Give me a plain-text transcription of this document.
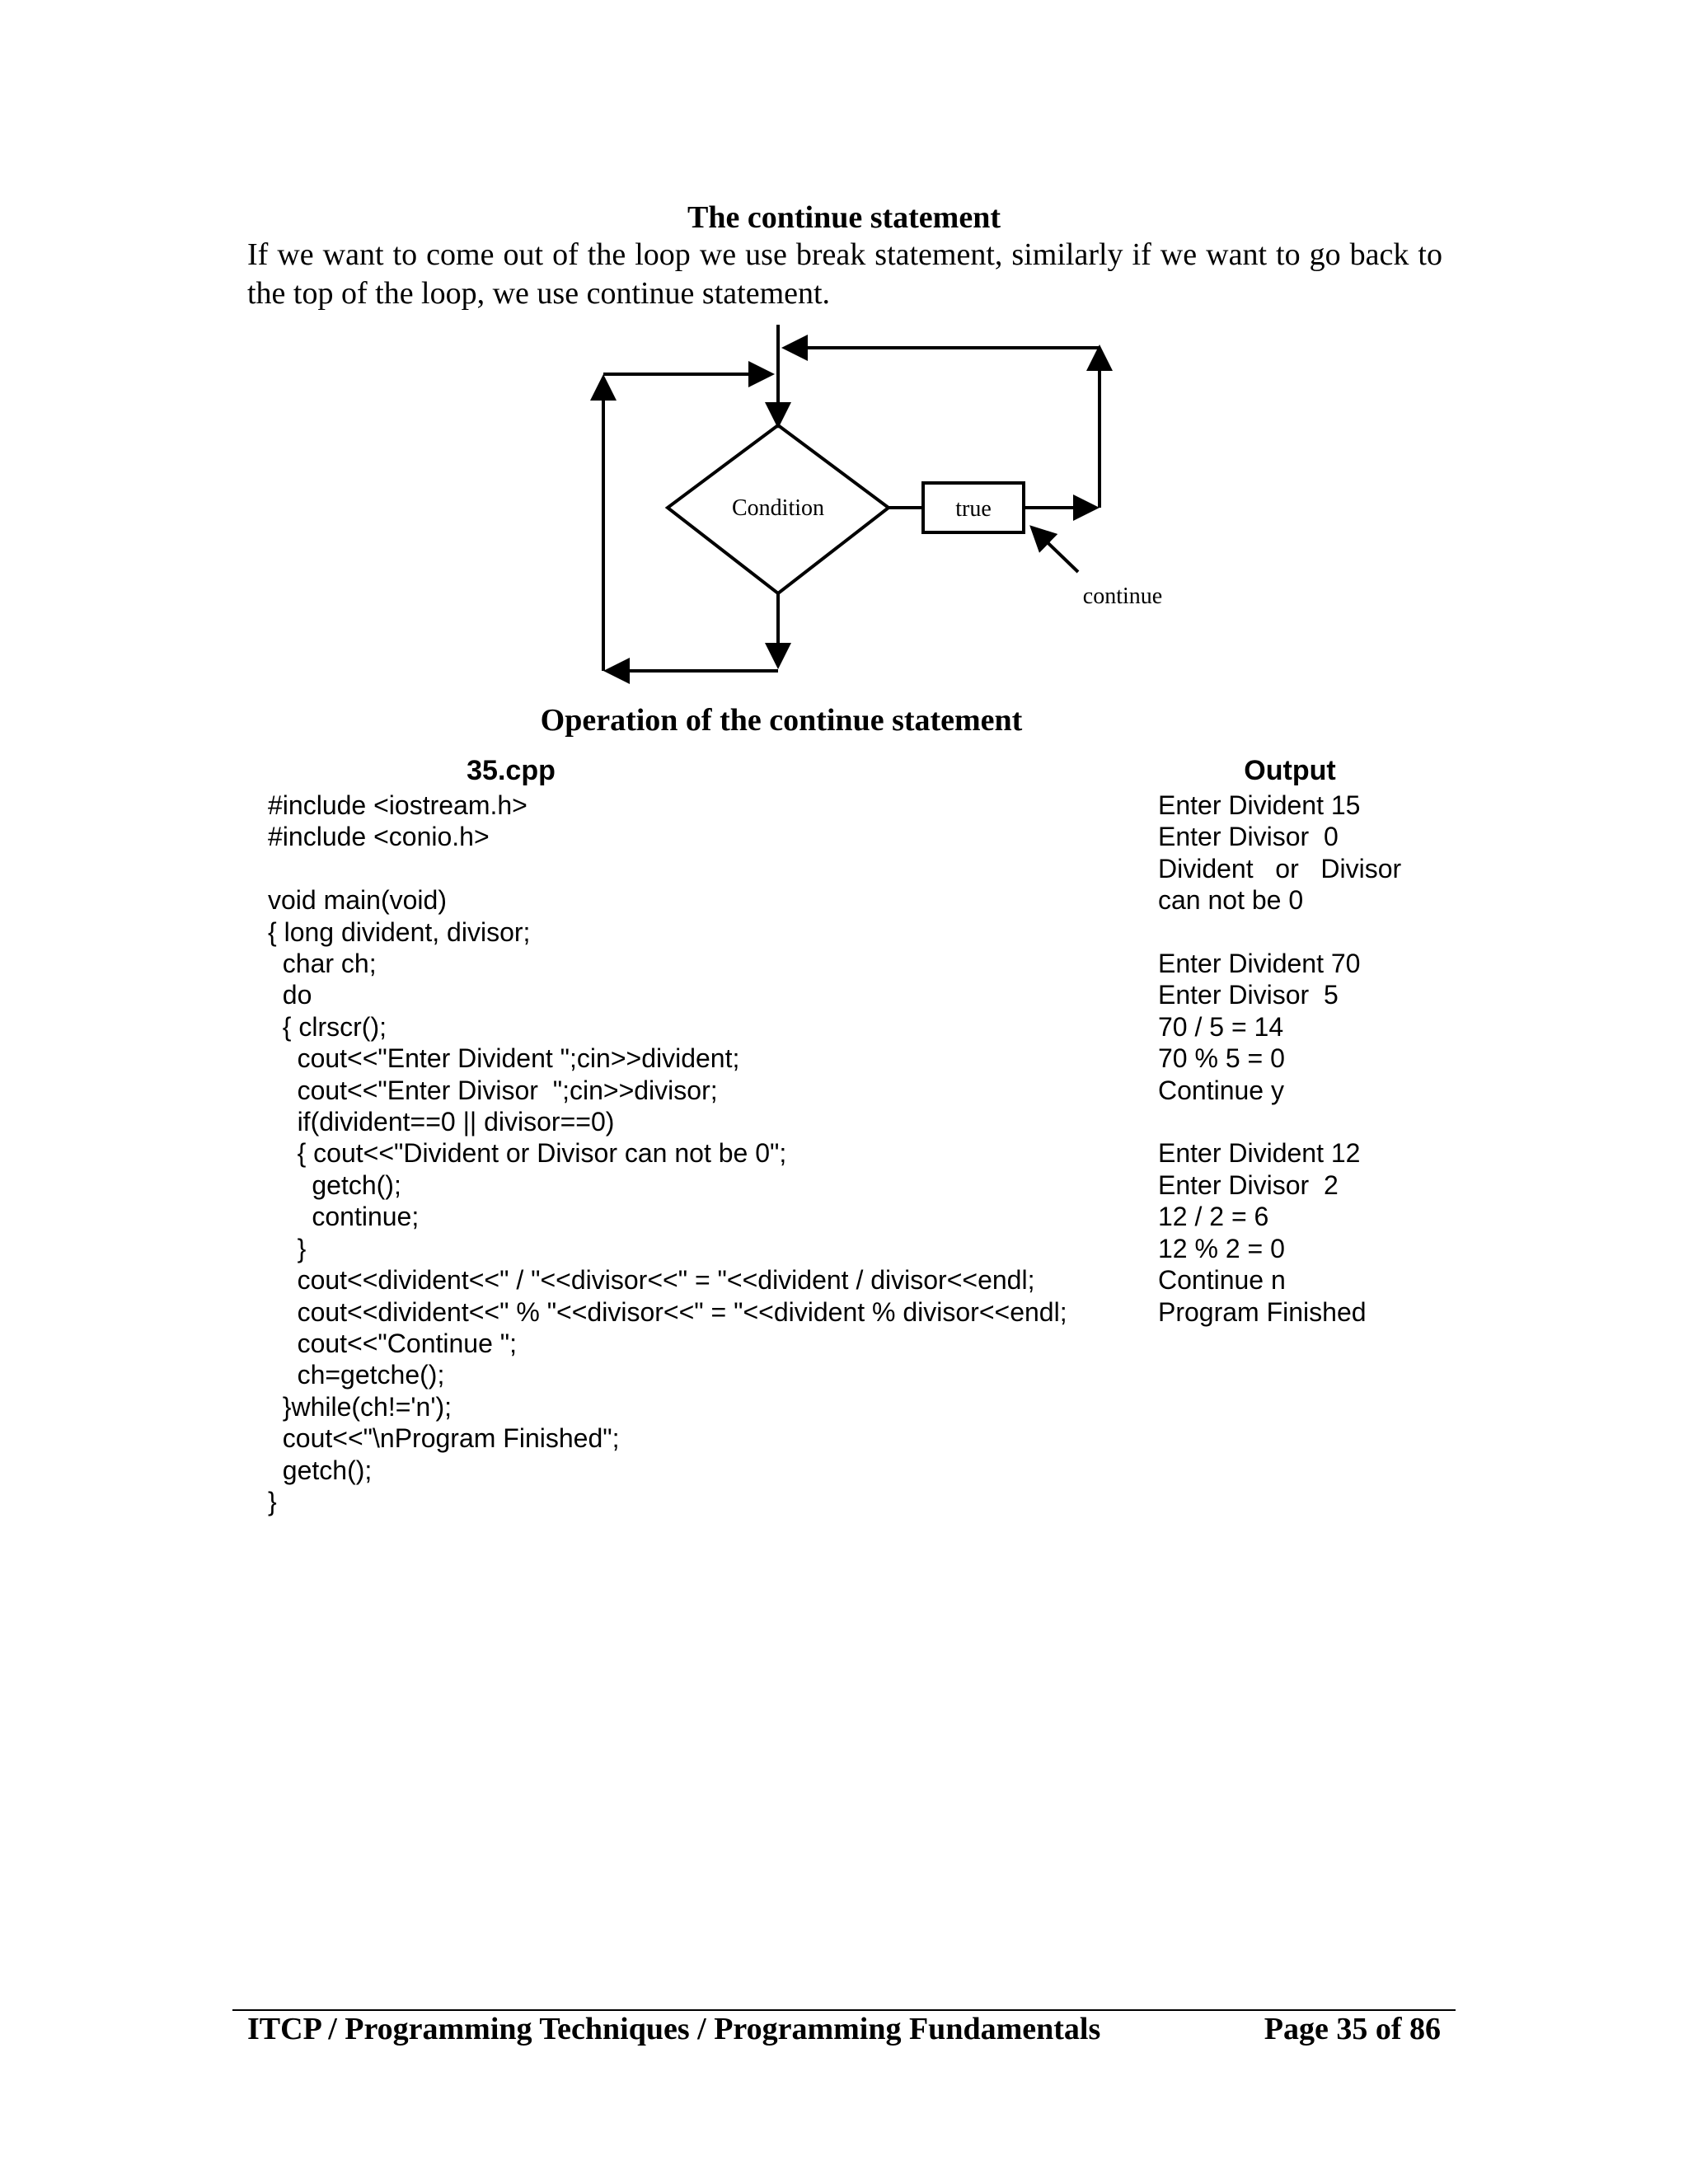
The continue statement
If we want to come out of the loop we use break statement, similarly if we want to go back to the top of the loop, we use continue statement.
Condition	true
continue
Operation of the continue statement
35.cpp
#include <iostream.h>
#include <conio.h>

void main(void)
{ long divident, divisor;
char ch;
do
{ clrscr();
cout<<"Enter Divident ";cin>>divident;
cout<<"Enter Divisor  ";cin>>divisor;
if(divident==0 || divisor==0)
{ cout<<"Divident or Divisor can not be 0";
getch();
continue;
}
cout<<divident<<" / "<<divisor<<" = "<<divident / divisor<<endl;
cout<<divident<<" % "<<divisor<<" = "<<divident % divisor<<endl;
cout<<"Continue ";
ch=getche();
}while(ch!='n');
cout<<"\nProgram Finished";
getch();
}
Output
Enter Divident 15
Enter Divisor  0
Divident   or   Divisor
can not be 0

Enter Divident 70
Enter Divisor  5
70 / 5 = 14
70 % 5 = 0
Continue y

Enter Divident 12
Enter Divisor  2
12 / 2 = 6
12 % 2 = 0
Continue n
Program Finished
ITCP / Programming Techniques / Programming Fundamentals	Page 35 of 86
